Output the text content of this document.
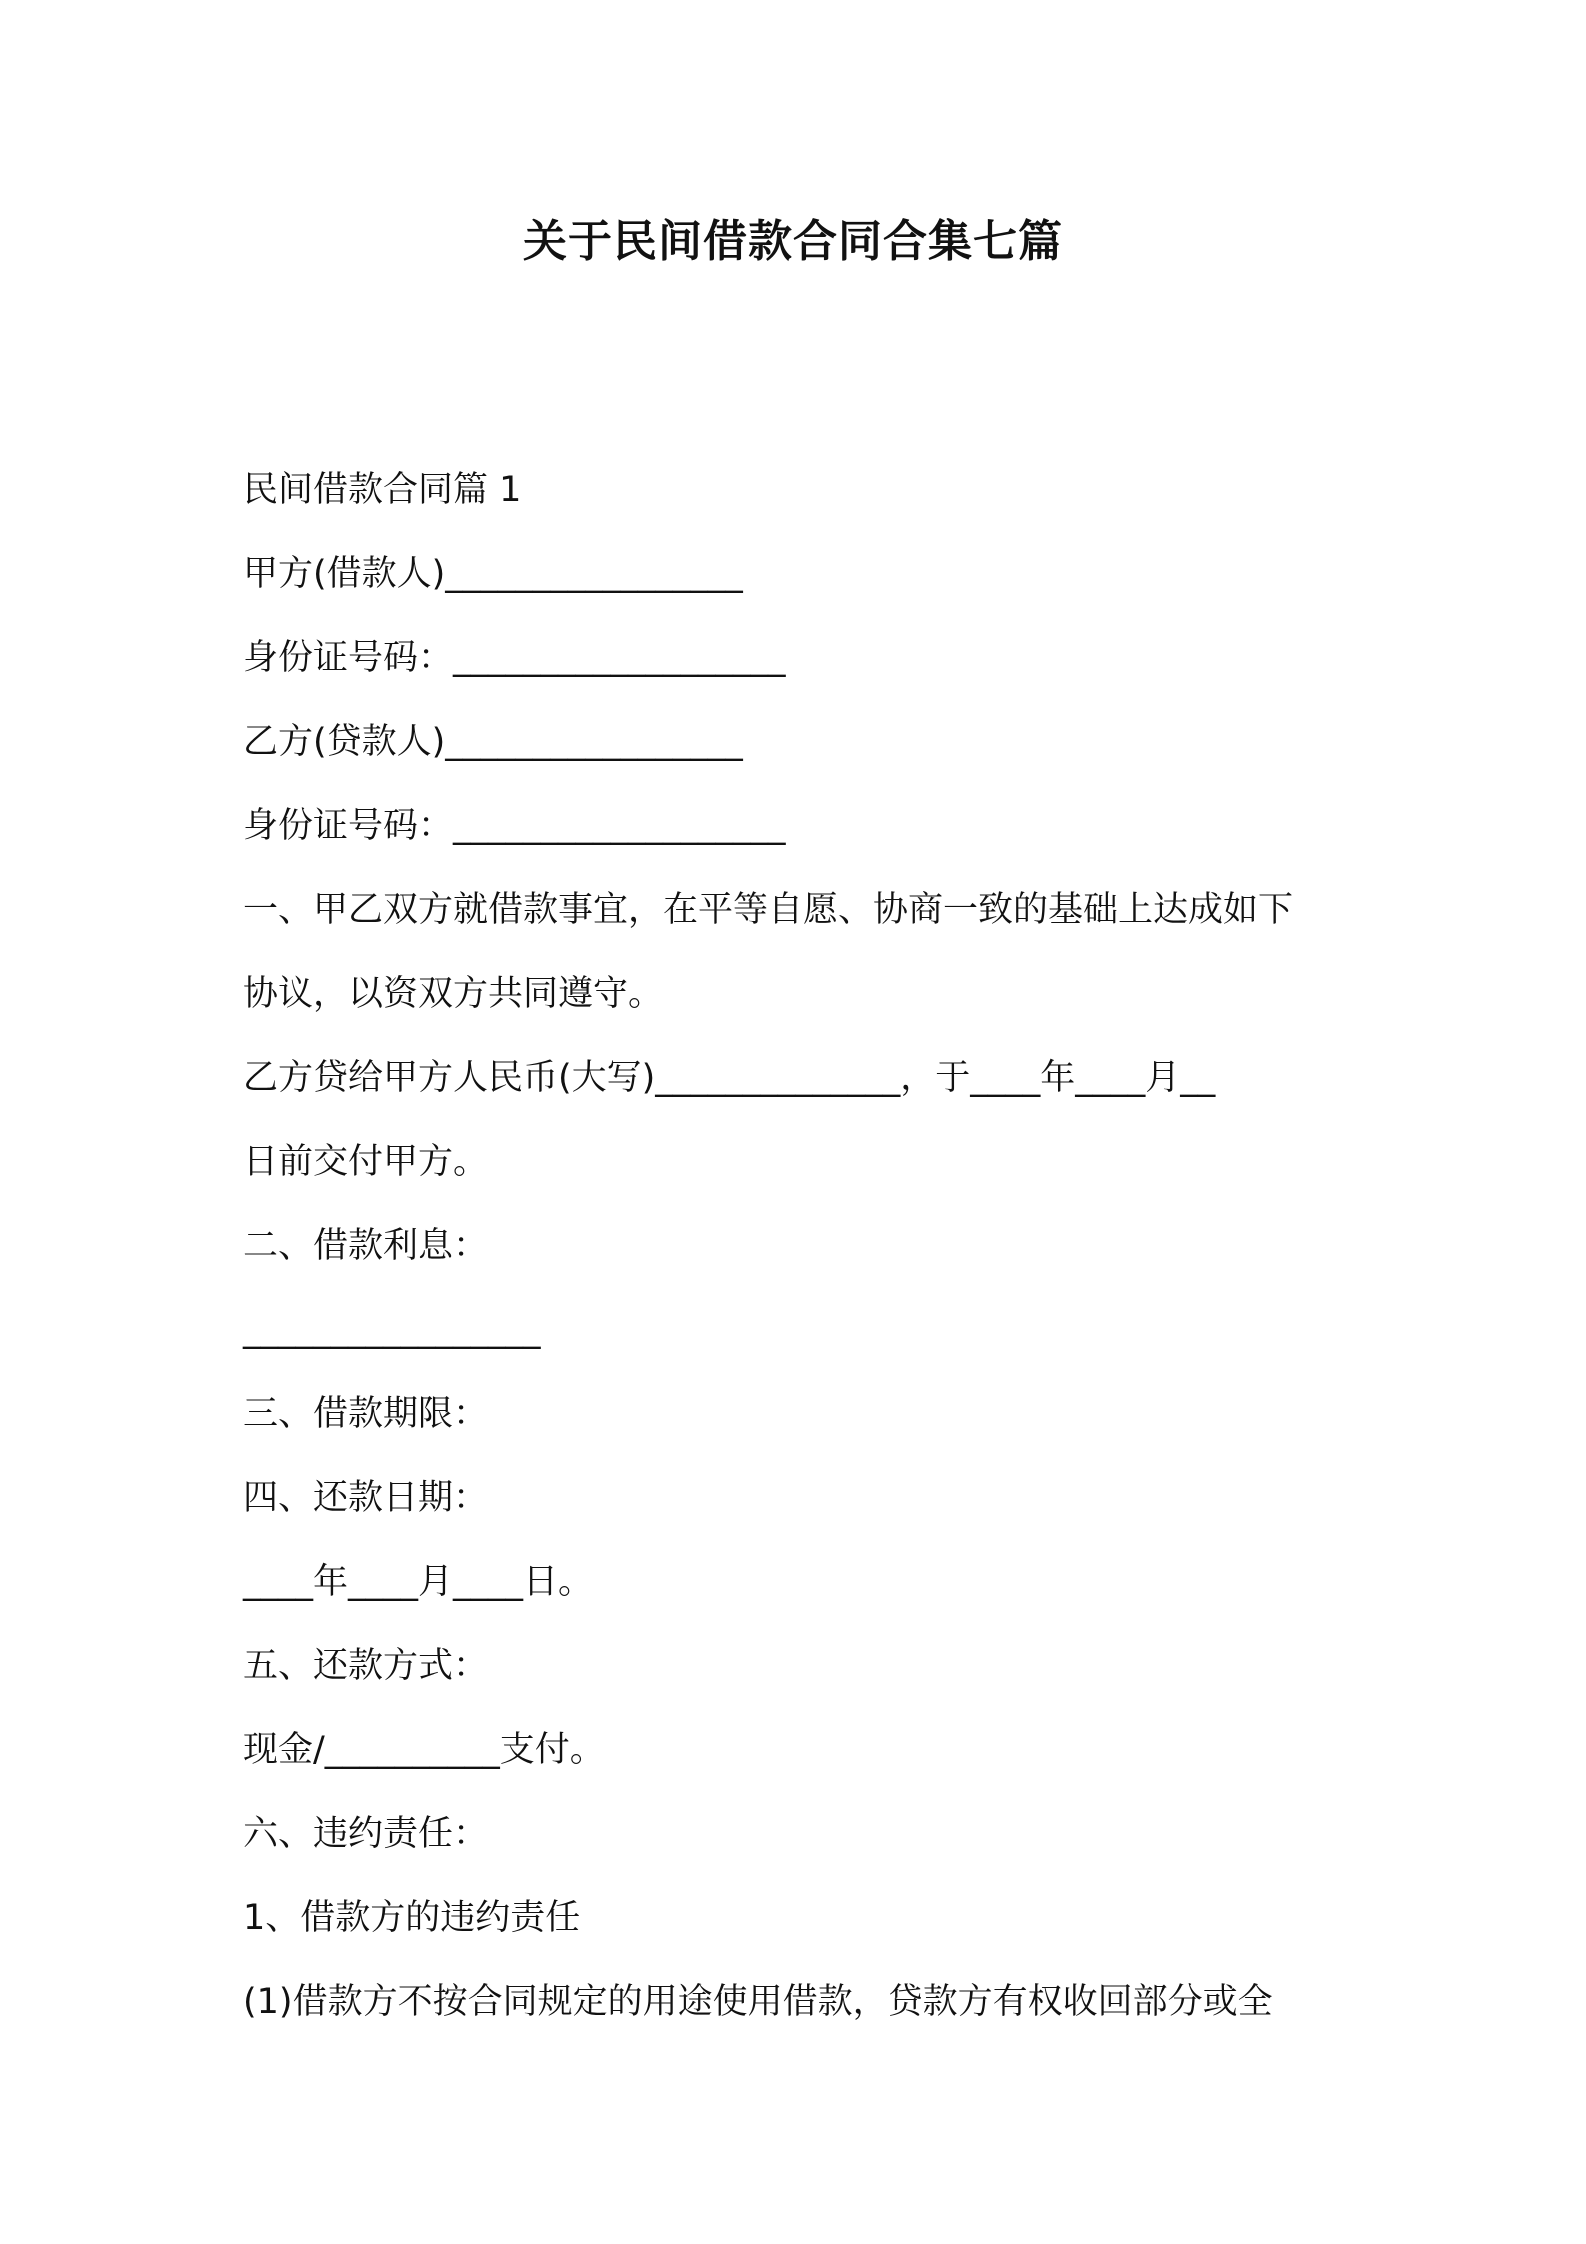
关于民间借款合同合集七篇
民间借款合同篇 1
甲方(借款人)_________________
身份证号码：___________________
乙方(贷款人)_________________
身份证号码：___________________
一、甲乙双方就借款事宜，在平等自愿、协商一致的基础上达成如下
协议，以资双方共同遵守。
乙方贷给甲方人民币(大写)______________，于____年____月__
日前交付甲方。
二、借款利息：
_________________
三、借款期限：
四、还款日期：
____年____月____日。
五、还款方式：
现金/__________支付。
六、违约责任：
1、借款方的违约责任
(1)借款方不按合同规定的用途使用借款，贷款方有权收回部分或全
